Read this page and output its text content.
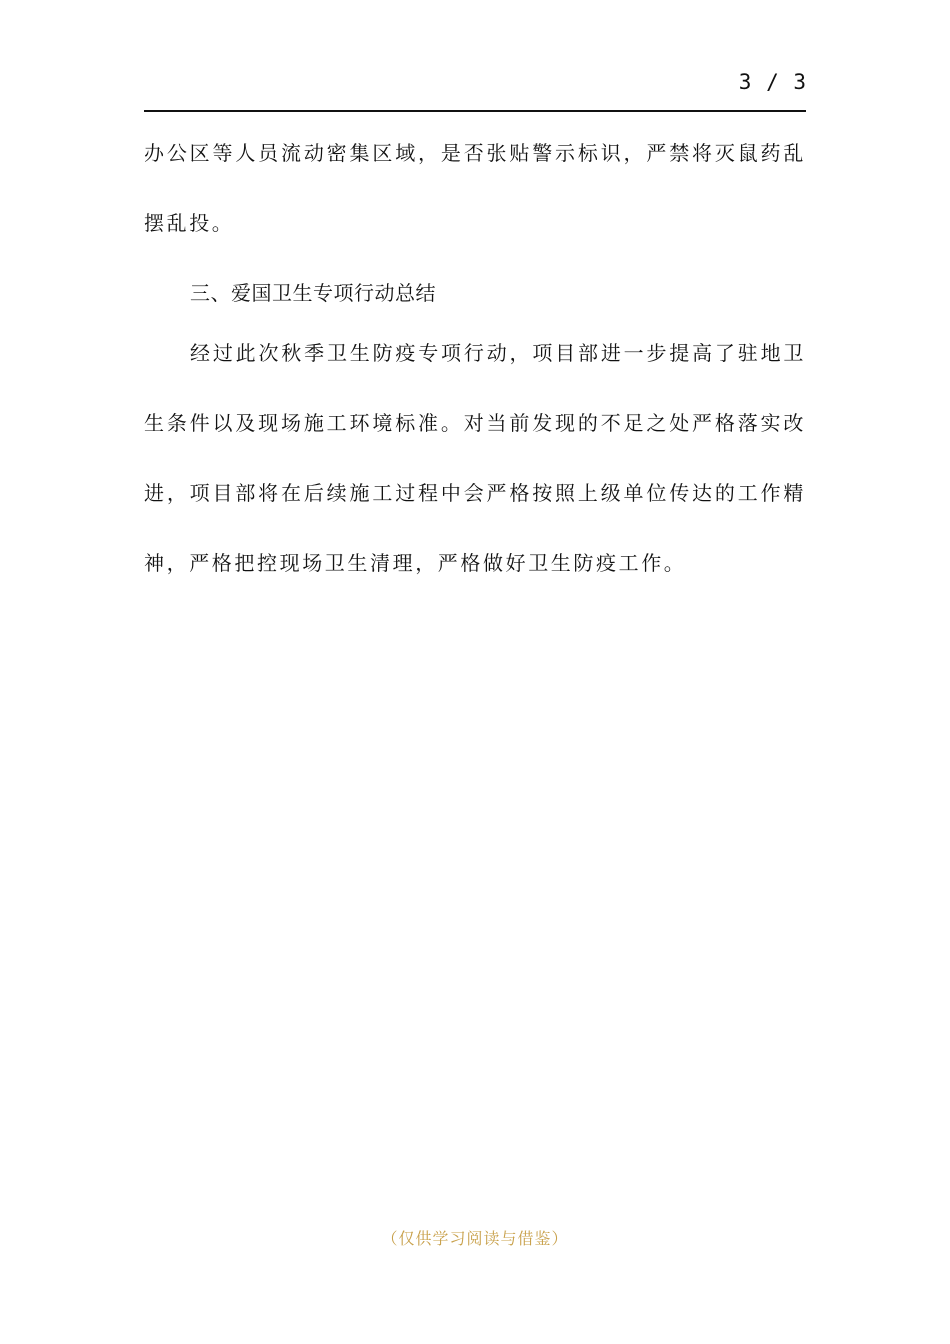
3 / 3

办公区等人员流动密集区域，是否张贴警示标识，严禁将灭鼠药乱
摆乱投。

三、爱国卫生专项行动总结

经过此次秋季卫生防疫专项行动，项目部进一步提高了驻地卫
生条件以及现场施工环境标准。对当前发现的不足之处严格落实改
进，项目部将在后续施工过程中会严格按照上级单位传达的工作精
神，严格把控现场卫生清理，严格做好卫生防疫工作。

（仅供学习阅读与借鉴）
